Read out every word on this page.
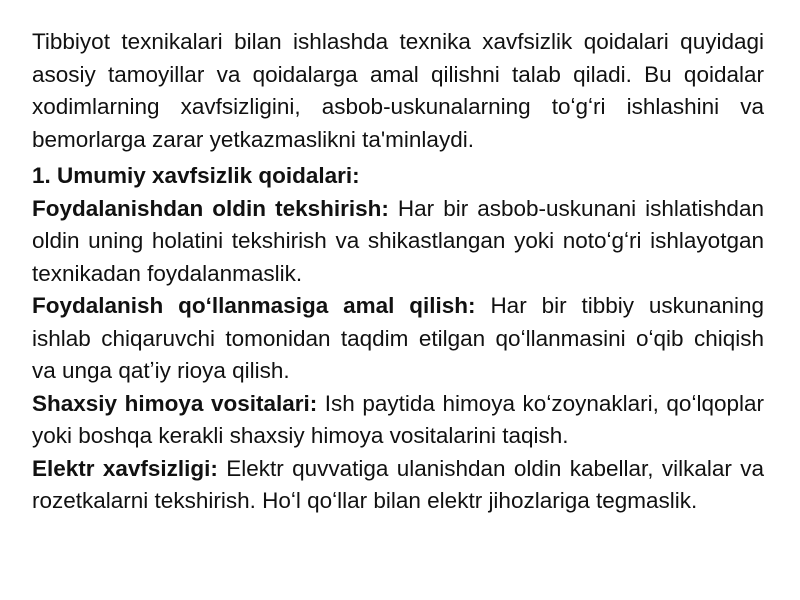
Tibbiyot texnikalari bilan ishlashda texnika xavfsizlik qoidalari quyidagi asosiy tamoyillar va qoidalarga amal qilishni talab qiladi. Bu qoidalar xodimlarning xavfsizligini, asbob-uskunalarning toʻgʻri ishlashini va bemorlarga zarar yetkazmaslikni ta'minlaydi.

1. Umumiy xavfsizlik qoidalari:

Foydalanishdan oldin tekshirish: Har bir asbob-uskunani ishlatishdan oldin uning holatini tekshirish va shikastlangan yoki notoʻgʻri ishlayotgan texnikadan foydalanmaslik.

Foydalanish qoʻllanmasiga amal qilish: Har bir tibbiy uskunaning ishlab chiqaruvchi tomonidan taqdim etilgan qoʻllanmasini oʻqib chiqish va unga qatʼiy rioya qilish.

Shaxsiy himoya vositalari: Ish paytida himoya koʻzoynaklari, qoʻlqoplar yoki boshqa kerakli shaxsiy himoya vositalarini taqish.

Elektr xavfsizligi: Elektr quvvatiga ulanishdan oldin kabellar, vilkalar va rozetkalarni tekshirish. Hoʻl qoʻllar bilan elektr jihozlariga tegmaslik.
